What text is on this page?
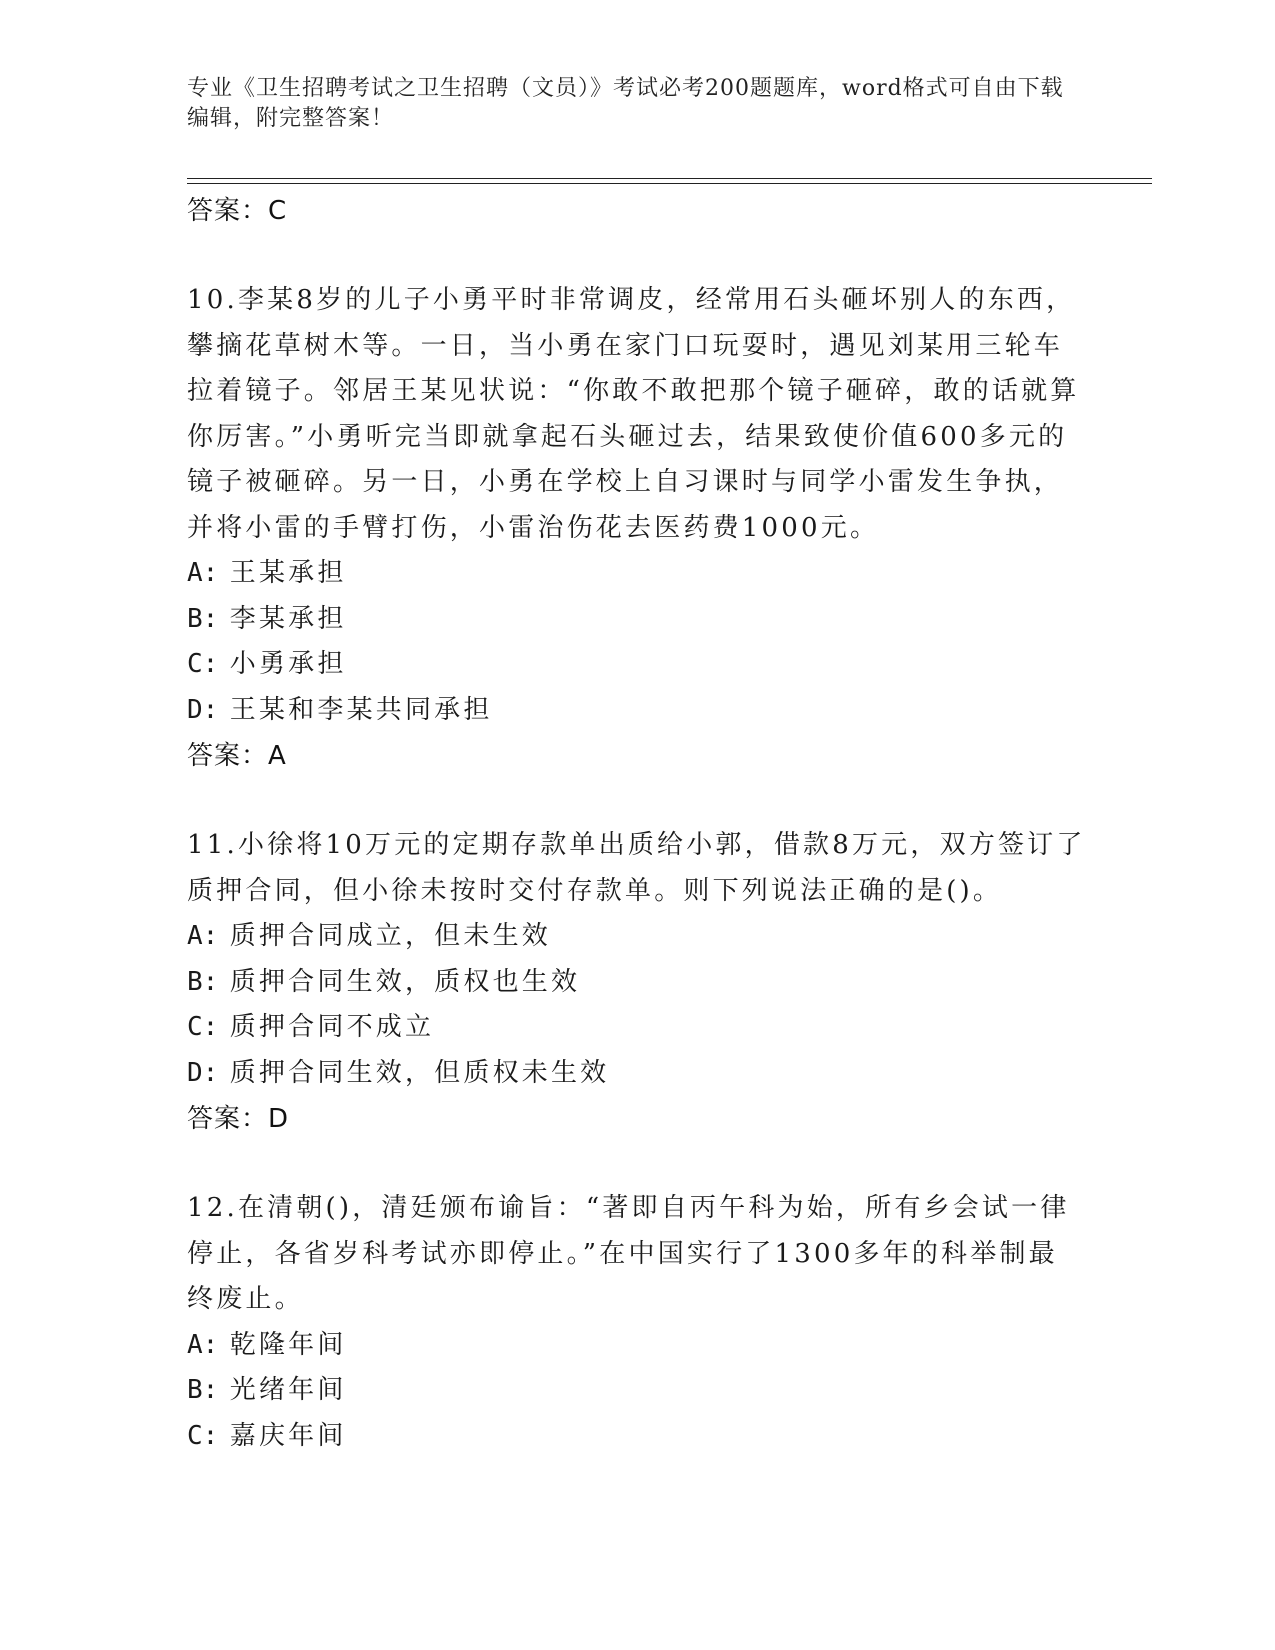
专业《卫生招聘考试之卫生招聘（文员）》考试必考200题题库，word格式可自由下载编辑，附完整答案！
答案：C
10.李某8岁的儿子小勇平时非常调皮，经常用石头砸坏别人的东西，攀摘花草树木等。一日，当小勇在家门口玩耍时，遇见刘某用三轮车拉着镜子。邻居王某见状说：“你敢不敢把那个镜子砸碎，敢的话就算你厉害。”小勇听完当即就拿起石头砸过去，结果致使价值600多元的镜子被砸碎。另一日，小勇在学校上自习课时与同学小雷发生争执，并将小雷的手臂打伤，小雷治伤花去医药费1000元。
A: 王某承担
B: 李某承担
C: 小勇承担
D: 王某和李某共同承担
答案：A
11.小徐将10万元的定期存款单出质给小郭，借款8万元，双方签订了质押合同，但小徐未按时交付存款单。则下列说法正确的是()。
A: 质押合同成立，但未生效
B: 质押合同生效，质权也生效
C: 质押合同不成立
D: 质押合同生效，但质权未生效
答案：D
12.在清朝()，清廷颁布谕旨：“著即自丙午科为始，所有乡会试一律停止，各省岁科考试亦即停止。”在中国实行了1300多年的科举制最终废止。
A: 乾隆年间
B: 光绪年间
C: 嘉庆年间
